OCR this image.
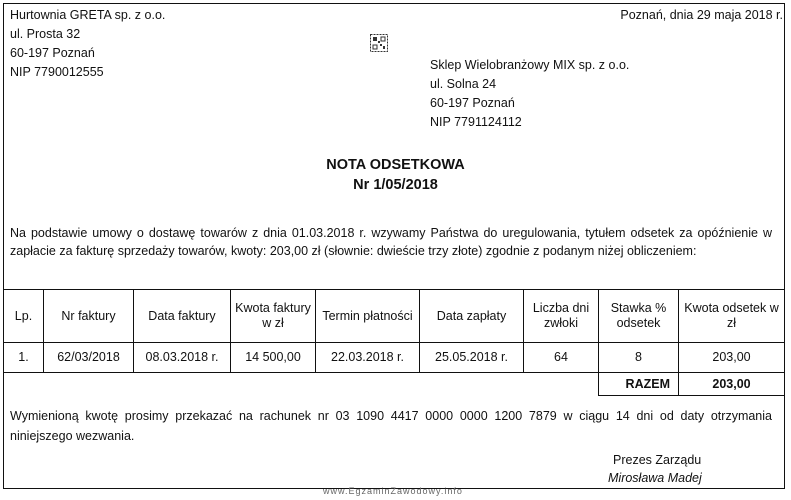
Hurtownia GRETA sp. z o.o.
ul. Prosta 32
60-197 Poznań
NIP 7790012555
Poznań, dnia 29 maja 2018 r.
Sklep Wielobranżowy MIX sp. z o.o.
ul. Solna 24
60-197 Poznań
NIP 7791124112
NOTA ODSETKOWA
Nr 1/05/2018
Na podstawie umowy o dostawę towarów z dnia 01.03.2018 r. wzywamy Państwa do uregulowania, tytułem odsetek za opóźnienie w zapłacie za fakturę sprzedaży towarów, kwoty: 203,00 zł (słownie: dwieście trzy złote) zgodnie z podanym niżej obliczeniem:
Lp.	Nr faktury	Data faktury	Kwota faktury w zł	Termin płatności	Data zapłaty	Liczba dni zwłoki	Stawka % odsetek	Kwota odsetek w zł
1.	62/03/2018	08.03.2018 r.	14 500,00	22.03.2018 r.	25.05.2018 r.	64	8	203,00
							RAZEM	203,00
Wymienioną kwotę prosimy przekazać na rachunek nr 03 1090 4417 0000 0000 1200 7879 w ciągu 14 dni od daty otrzymania niniejszego wezwania.
Prezes Zarządu
Mirosława Madej
www.EgzaminZawodowy.info
